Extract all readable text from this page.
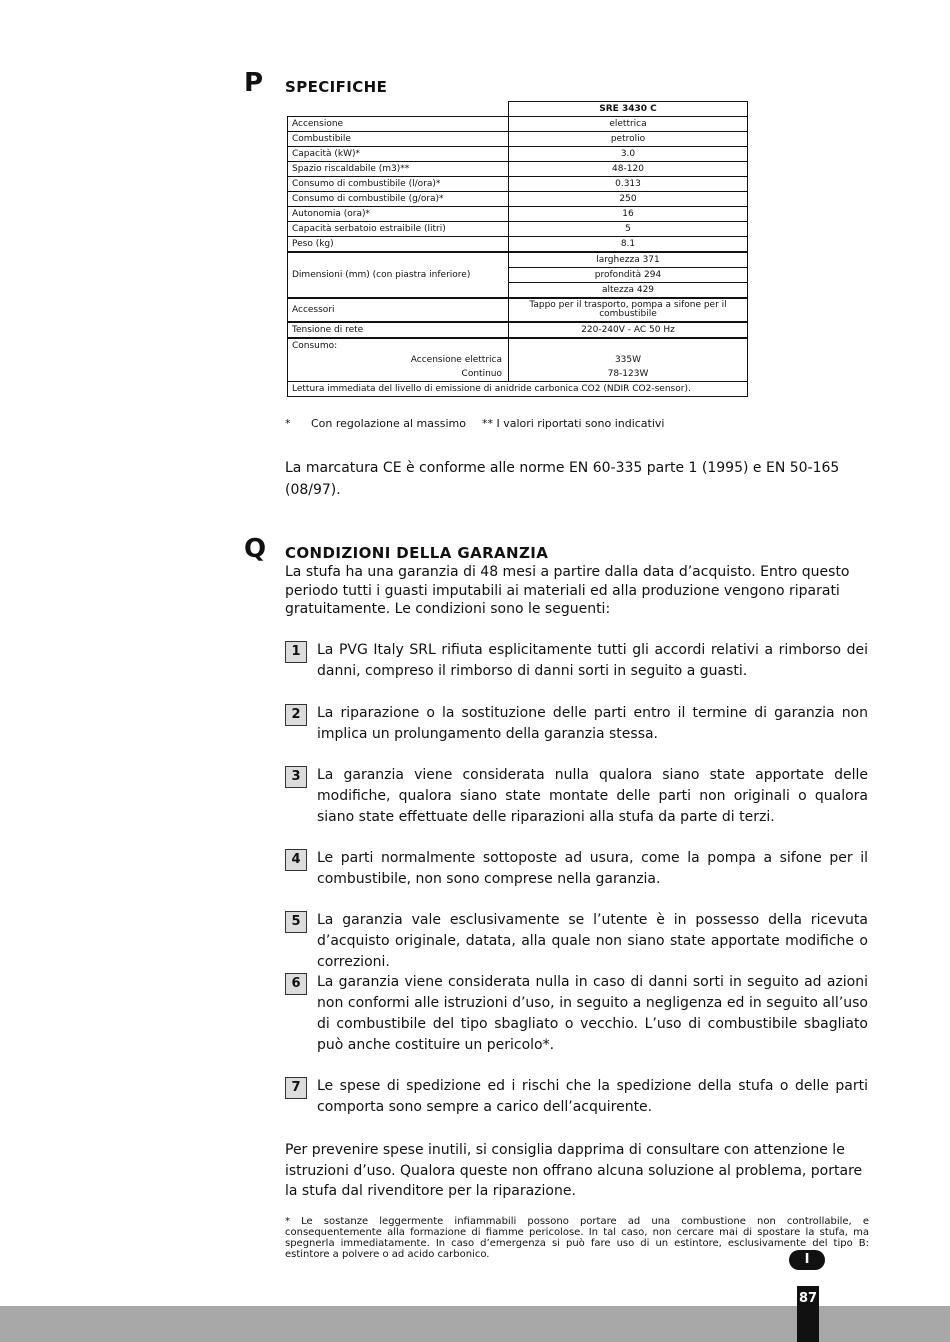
P SPECIFICHE
	SRE 3430 C
Accensione	elettrica
Combustibile	petrolio
Capacità (kW)*	3.0
Spazio riscaldabile (m3)**	48-120
Consumo di combustibile (l/ora)*	0.313
Consumo di combustibile (g/ora)*	250
Autonomia (ora)*	16
Capacità serbatoio estraibile (litri)	5
Peso (kg)	8.1
Dimensioni (mm) (con piastra inferiore)	larghezza 371
	profondità 294
	altezza 429
Accessori	Tappo per il trasporto, pompa a sifone per il combustibile
Tensione di rete	220-240V - AC 50 Hz
Consumo:	
Accensione elettrica	335W
Continuo	78-123W
Lettura immediata del livello di emissione di anidride carbonica CO2 (NDIR CO2-sensor).	
* Con regolazione al massimo ** I valori riportati sono indicativi
La marcatura CE è conforme alle norme EN 60-335 parte 1 (1995) e EN 50-165 (08/97).
Q CONDIZIONI DELLA GARANZIA
La stufa ha una garanzia di 48 mesi a partire dalla data d’acquisto. Entro questo periodo tutti i guasti imputabili ai materiali ed alla produzione vengono riparati gratuitamente. Le condizioni sono le seguenti:
1	La PVG Italy SRL rifiuta esplicitamente tutti gli accordi relativi a rimborso dei danni, compreso il rimborso di danni sorti in seguito a guasti.
2	La riparazione o la sostituzione delle parti entro il termine di garanzia non implica un prolungamento della garanzia stessa.
3	La garanzia viene considerata nulla qualora siano state apportate delle modifiche, qualora siano state montate delle parti non originali o qualora siano state effettuate delle riparazioni alla stufa da parte di terzi.
4	Le parti normalmente sottoposte ad usura, come la pompa a sifone per il combustibile, non sono comprese nella garanzia.
5	La garanzia vale esclusivamente se l’utente è in possesso della ricevuta d’acquisto originale, datata, alla quale non siano state apportate modifiche o correzioni.
6	La garanzia viene considerata nulla in caso di danni sorti in seguito ad azioni non conformi alle istruzioni d’uso, in seguito a negligenza ed in seguito all’uso di combustibile del tipo sbagliato o vecchio. L’uso di combustibile sbagliato può anche costituire un pericolo*.
7	Le spese di spedizione ed i rischi che la spedizione della stufa o delle parti comporta sono sempre a carico dell’acquirente.
Per prevenire spese inutili, si consiglia dapprima di consultare con attenzione le istruzioni d’uso. Qualora queste non offrano alcuna soluzione al problema, portare la stufa dal rivenditore per la riparazione.
* Le sostanze leggermente infiammabili possono portare ad una combustione non controllabile, e consequentemente alla formazione di fiamme pericolose. In tal caso, non cercare mai di spostare la stufa, ma spegnerla immediatamente. In caso d’emergenza si può fare uso di un estintore, esclusivamente del tipo B: estintore a polvere o ad acido carbonico.	I
87
